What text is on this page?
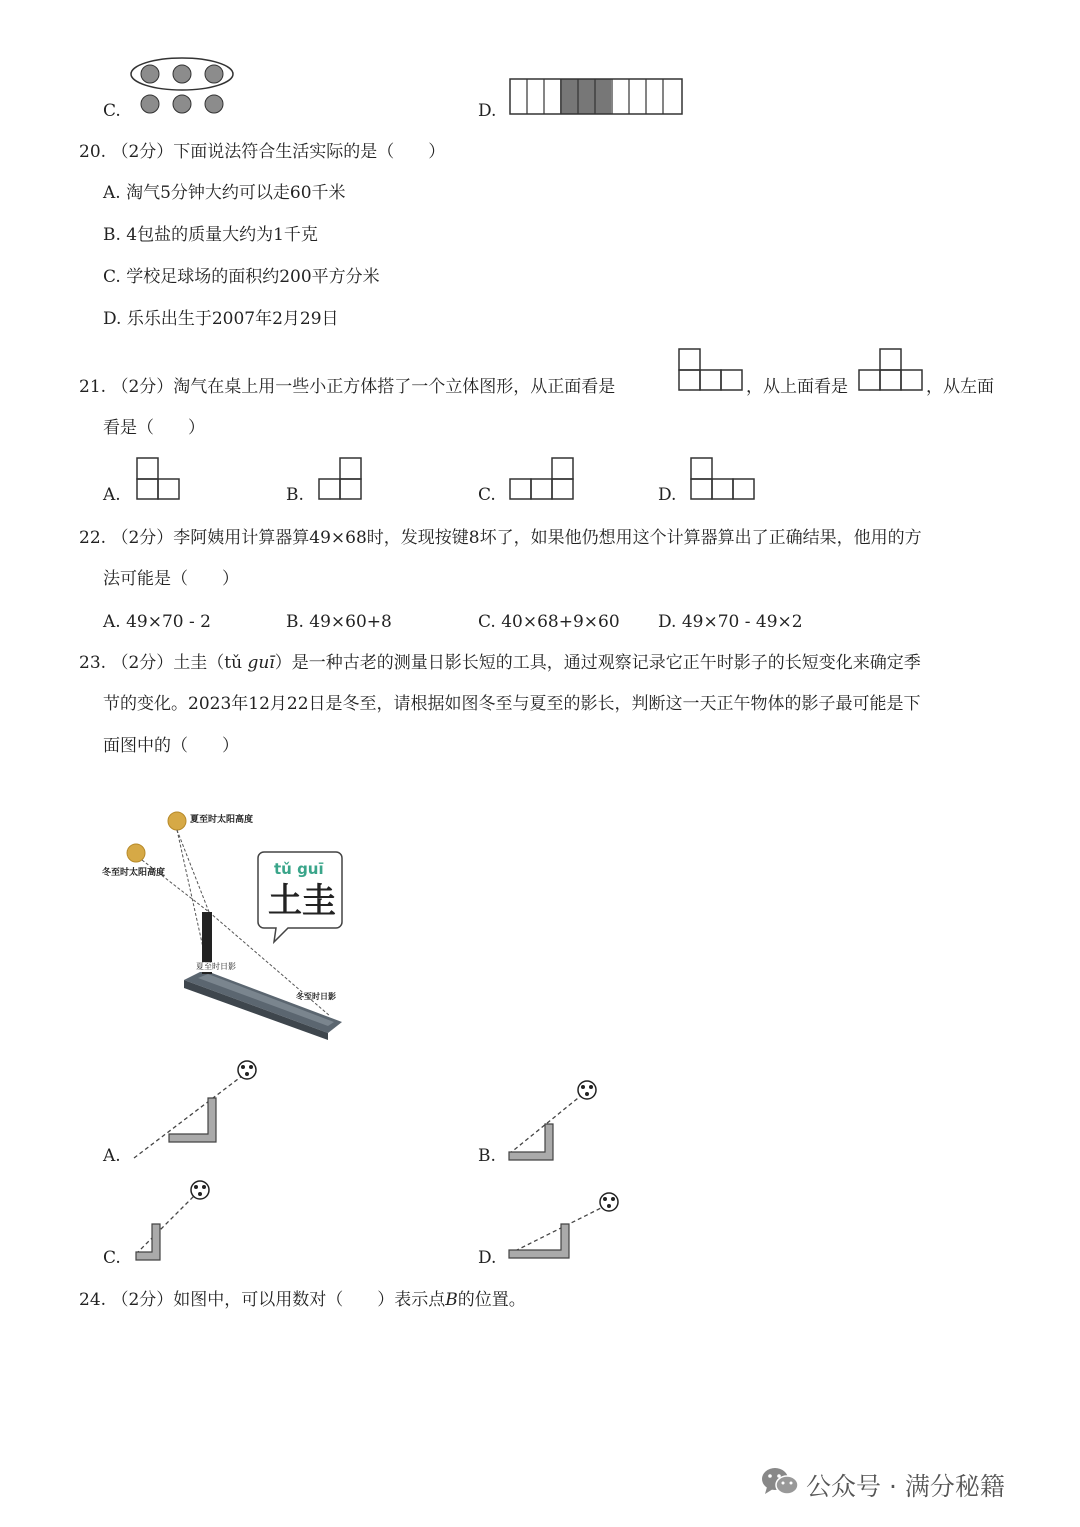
C.	D.
20. （2分）下面说法符合生活实际的是（　　）
A. 淘气5分钟大约可以走60千米
B. 4包盐的质量大约为1千克
C. 学校足球场的面积约200平方分米
D. 乐乐出生于2007年2月29日
21. （2分）淘气在桌上用一些小正方体搭了一个立体图形，从正面看是	，从上面看是	，从左面
看是（　　）
A.	B.	C.	D.
22. （2分）李阿姨用计算器算49×68时，发现按键8坏了，如果他仍想用这个计算器算出了正确结果，他用的方
法可能是（　　）
A. 49×70 - 2	B. 49×60+8	C. 40×68+9×60 D. 49×70 - 49×2
23. （2分）土圭（tǔ guī）是一种古老的测量日影长短的工具，通过观察记录它正午时影子的长短变化来确定季
节的变化。2023年12月22日是冬至，请根据如图冬至与夏至的影长，判断这一天正午物体的影子最可能是下
面图中的（　　）
夏至时太阳高度
冬至时太阳高度	tǔ guī
土圭
夏至时日影
冬至时日影
A.	B.
C.	D.
24. （2分）如图中，可以用数对（　　）表示点B的位置。
公众号 · 满分秘籍
